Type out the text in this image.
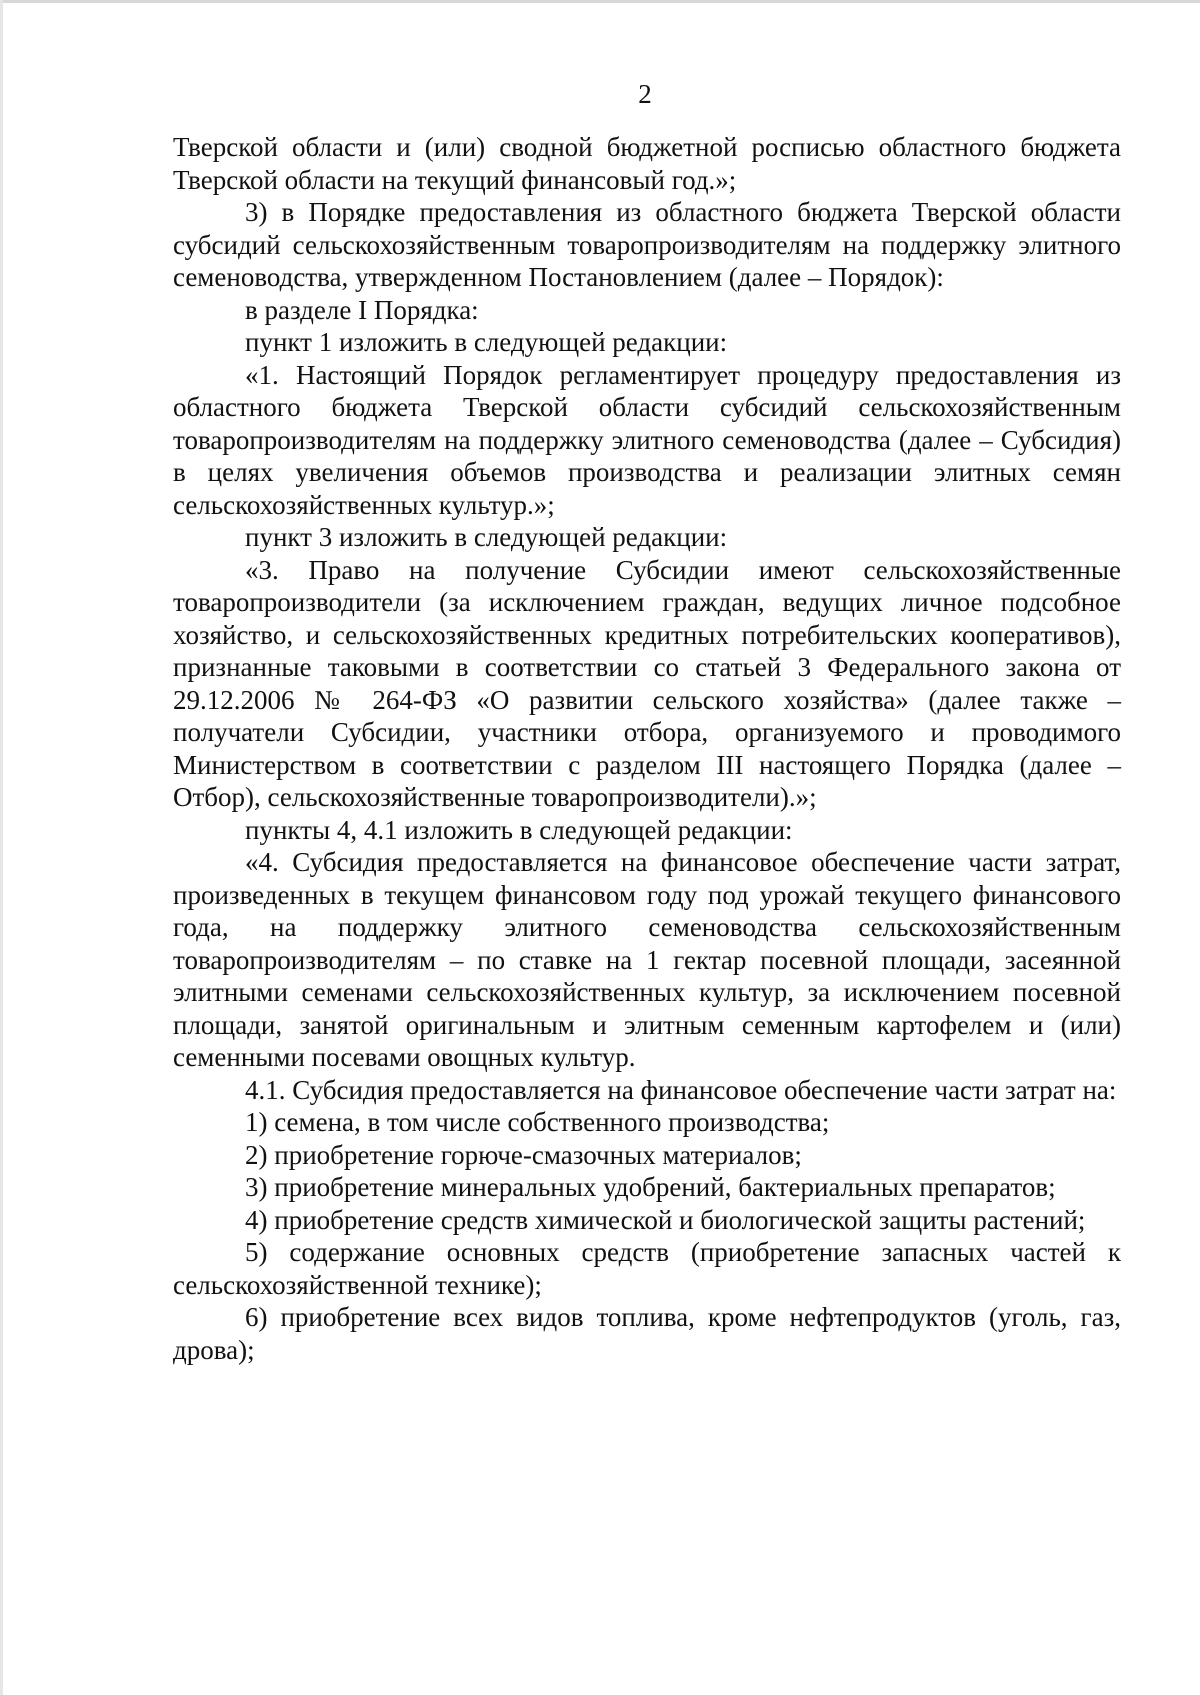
2

Тверской области и (или) сводной бюджетной росписью областного бюджета Тверской области на текущий финансовый год.»;

3) в Порядке предоставления из областного бюджета Тверской области субсидий сельскохозяйственным товаропроизводителям на поддержку элитного семеноводства, утвержденном Постановлением (далее – Порядок):

в разделе I Порядка:

пункт 1 изложить в следующей редакции:

«1. Настоящий Порядок регламентирует процедуру предоставления из областного бюджета Тверской области субсидий сельскохозяйственным товаропроизводителям на поддержку элитного семеноводства (далее – Субсидия) в целях увеличения объемов производства и реализации элитных семян сельскохозяйственных культур.»;

пункт 3 изложить в следующей редакции:

«3. Право на получение Субсидии имеют сельскохозяйственные товаропроизводители (за исключением граждан, ведущих личное подсобное хозяйство, и сельскохозяйственных кредитных потребительских кооперативов), признанные таковыми в соответствии со статьей 3 Федерального закона от 29.12.2006 № 264-ФЗ «О развитии сельского хозяйства» (далее также – получатели Субсидии, участники отбора, организуемого и проводимого Министерством в соответствии с разделом III настоящего Порядка (далее – Отбор), сельскохозяйственные товаропроизводители).»;

пункты 4, 4.1 изложить в следующей редакции:

«4. Субсидия предоставляется на финансовое обеспечение части затрат, произведенных в текущем финансовом году под урожай текущего финансового года, на поддержку элитного семеноводства сельскохозяйственным товаропроизводителям – по ставке на 1 гектар посевной площади, засеянной элитными семенами сельскохозяйственных культур, за исключением посевной площади, занятой оригинальным и элитным семенным картофелем и (или) семенными посевами овощных культур.

4.1. Субсидия предоставляется на финансовое обеспечение части затрат на:

1) семена, в том числе собственного производства;

2) приобретение горюче-смазочных материалов;

3) приобретение минеральных удобрений, бактериальных препаратов;

4) приобретение средств химической и биологической защиты растений;

5) содержание основных средств (приобретение запасных частей к сельскохозяйственной технике);

6) приобретение всех видов топлива, кроме нефтепродуктов (уголь, газ, дрова);
